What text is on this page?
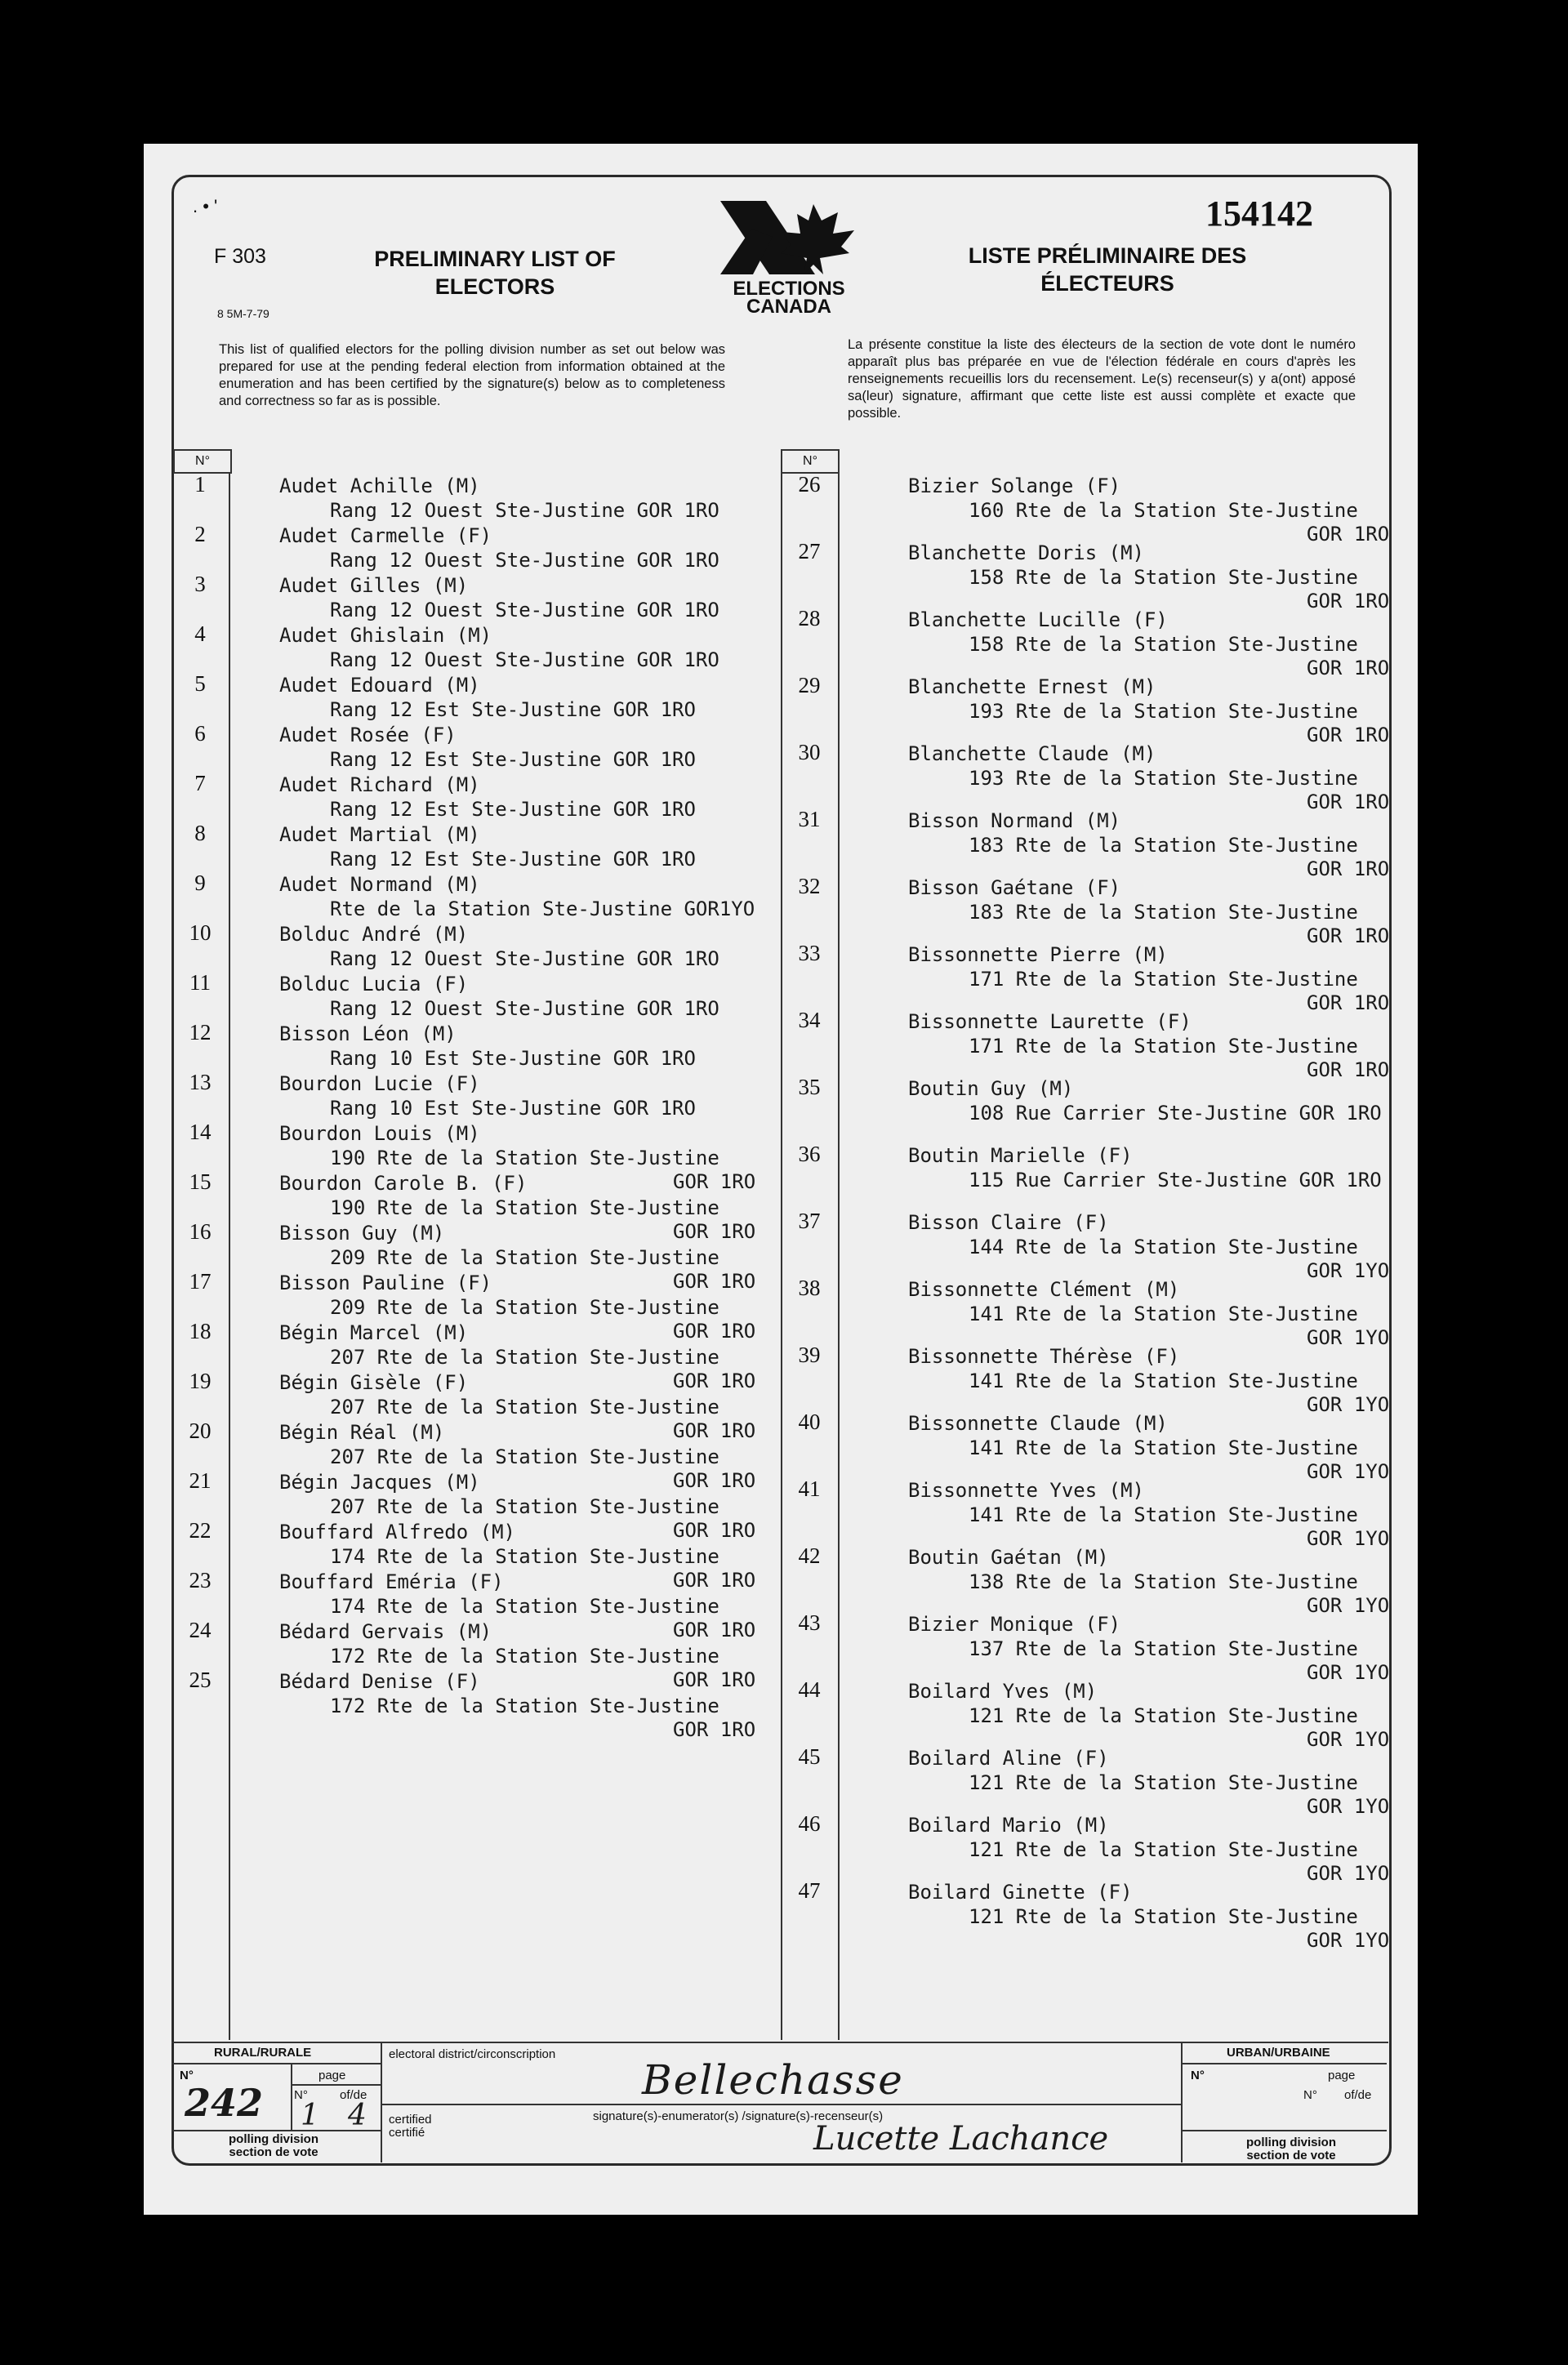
. • '
F 303	PRELIMINARY LIST OF ELECTORS	ELECTIONS
CANADA
LISTE PRÉLIMINAIRE DES ÉLECTEURS
154142
8 5M-7-79
This list of qualified electors for the polling division number as set out below was prepared for use at the pending federal election from information obtained at the enumeration and has been certified by the signature(s) below as to completeness and correctness so far as is possible.
La présente constitue la liste des électeurs de la section de vote dont le numéro apparaît plus bas préparée en vue de l'élection fédérale en cours d'après les renseignements recueillis lors du recensement. Le(s) recenseur(s) y a(ont) apposé sa(leur) signature, affirmant que cette liste est aussi complète et exacte que possible.
N°	N°
1	Audet Achille (M)
Rang 12 Ouest Ste-Justine GOR 1RO
2	Audet Carmelle (F)
Rang 12 Ouest Ste-Justine GOR 1RO
3	Audet Gilles (M)
Rang 12 Ouest Ste-Justine GOR 1RO
4	Audet Ghislain (M)
Rang 12 Ouest Ste-Justine GOR 1RO
5	Audet Edouard (M)
Rang 12 Est Ste-Justine GOR 1RO
6	Audet Rosée (F)
Rang 12 Est Ste-Justine GOR 1RO
7	Audet Richard (M)
Rang 12 Est Ste-Justine GOR 1RO
8	Audet Martial (M)
Rang 12 Est Ste-Justine GOR 1RO
9	Audet Normand (M)
Rte de la Station Ste-Justine GOR1YO
10	Bolduc André (M)
Rang 12 Ouest Ste-Justine GOR 1RO
11	Bolduc Lucia (F)
Rang 12 Ouest Ste-Justine GOR 1RO
12	Bisson Léon (M)
Rang 10 Est Ste-Justine GOR 1RO
13	Bourdon Lucie (F)
Rang 10 Est Ste-Justine GOR 1RO
14	Bourdon Louis (M)
190 Rte de la Station Ste-Justine
GOR 1RO
15	Bourdon Carole B. (F)
190 Rte de la Station Ste-Justine
GOR 1RO
16	Bisson Guy (M)
209 Rte de la Station Ste-Justine
GOR 1RO
17	Bisson Pauline (F)
209 Rte de la Station Ste-Justine
GOR 1RO
18	Bégin Marcel (M)
207 Rte de la Station Ste-Justine
GOR 1RO
19	Bégin Gisèle (F)
207 Rte de la Station Ste-Justine
GOR 1RO
20	Bégin Réal (M)
207 Rte de la Station Ste-Justine
GOR 1RO
21	Bégin Jacques (M)
207 Rte de la Station Ste-Justine
GOR 1RO
22	Bouffard Alfredo (M)
174 Rte de la Station Ste-Justine
GOR 1RO
23	Bouffard Eméria (F)
174 Rte de la Station Ste-Justine
GOR 1RO
24	Bédard Gervais (M)
172 Rte de la Station Ste-Justine
GOR 1RO
25	Bédard Denise (F)
172 Rte de la Station Ste-Justine
GOR 1RO
26	Bizier Solange (F)
160 Rte de la Station Ste-Justine
GOR 1RO
27	Blanchette Doris (M)
158 Rte de la Station Ste-Justine
GOR 1RO
28	Blanchette Lucille (F)
158 Rte de la Station Ste-Justine
GOR 1RO
29	Blanchette Ernest (M)
193 Rte de la Station Ste-Justine
GOR 1RO
30	Blanchette Claude (M)
193 Rte de la Station Ste-Justine
GOR 1RO
31	Bisson Normand (M)
183 Rte de la Station Ste-Justine
GOR 1RO
32	Bisson Gaétane (F)
183 Rte de la Station Ste-Justine
GOR 1RO
33	Bissonnette Pierre (M)
171 Rte de la Station Ste-Justine
GOR 1RO
34	Bissonnette Laurette (F)
171 Rte de la Station Ste-Justine
GOR 1RO
35	Boutin Guy (M)
108 Rue Carrier Ste-Justine GOR 1RO
36	Boutin Marielle (F)
115 Rue Carrier Ste-Justine GOR 1RO
37	Bisson Claire (F)
144 Rte de la Station Ste-Justine
GOR 1YO
38	Bissonnette Clément (M)
141 Rte de la Station Ste-Justine
GOR 1YO
39	Bissonnette Thérèse (F)
141 Rte de la Station Ste-Justine
GOR 1YO
40	Bissonnette Claude (M)
141 Rte de la Station Ste-Justine
GOR 1YO
41	Bissonnette Yves (M)
141 Rte de la Station Ste-Justine
GOR 1YO
42	Boutin Gaétan (M)
138 Rte de la Station Ste-Justine
GOR 1YO
43	Bizier Monique (F)
137 Rte de la Station Ste-Justine
GOR 1YO
44	Boilard Yves (M)
121 Rte de la Station Ste-Justine
GOR 1YO
45	Boilard Aline (F)
121 Rte de la Station Ste-Justine
GOR 1YO
46	Boilard Mario (M)
121 Rte de la Station Ste-Justine
GOR 1YO
47	Boilard Ginette (F)
121 Rte de la Station Ste-Justine
GOR 1YO
RURAL/RURALE
N°	page
N°	of/de
polling division
section de vote
electoral district/circonscription
certified
certifié
signature(s)-enumerator(s) /signature(s)-recenseur(s)
URBAN/URBAINE
N°	page
N° of/de
polling division
section de vote
242 1 4
Bellechasse
Lucette Lachance
